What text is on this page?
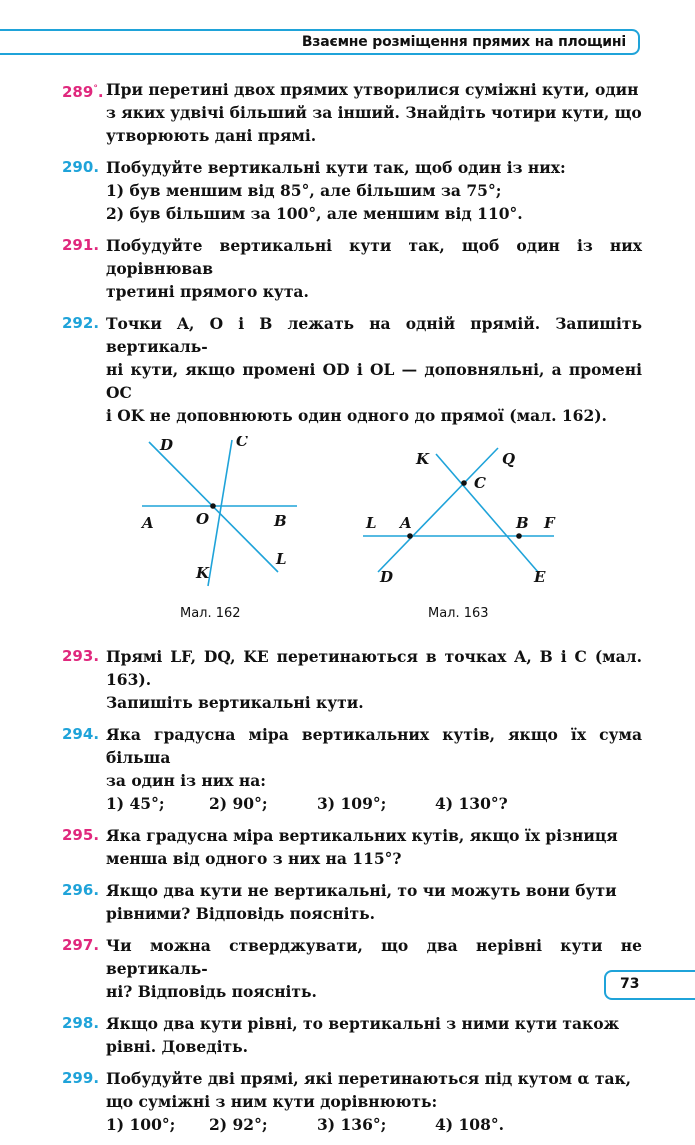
Взаємне розміщення прямих на площині
289°. При перетині двох прямих утворилися суміжні кути, один
з яких удвічі більший за інший. Знайдіть чотири кути, що
утворюють дані прямі.
290. Побудуйте вертикальні кути так, щоб один із них:
1) був меншим від 85°, але більшим за 75°;
2) був більшим за 100°, але меншим від 110°.
291. Побудуйте вертикальні кути так, щоб один із них дорівнював
третині прямого кута.
292. Точки A, O і B лежать на одній прямій. Запишіть вертикаль-
ні кути, якщо промені OD і OL — доповняльні, а промені OC
і OK не доповнюють один одного до прямої (мал. 162).
D	C
A	O	B
L
K
Мал. 162
K	Q
C
L A	B F
D	E
Мал. 163
293. Прямі LF, DQ, KE перетинаються в точках A, B і C (мал. 163).
Запишіть вертикальні кути.
294. Яка градусна міра вертикальних кутів, якщо їх сума більша
за один із них на:
1) 45°;	2) 90°;	3) 109°;	4) 130°?
295. Яка градусна міра вертикальних кутів, якщо їх різниця
менша від одного з них на 115°?
296. Якщо два кути не вертикальні, то чи можуть вони бути
рівними? Відповідь поясніть.
297. Чи можна стверджувати, що два нерівні кути не вертикаль-
ні? Відповідь поясніть.
298. Якщо два кути рівні, то вертикальні з ними кути також
рівні. Доведіть.
299. Побудуйте дві прямі, які перетинаються під кутом α так,
що суміжні з ним кути дорівнюють:
1) 100°;	2) 92°;	3) 136°;	4) 108°.
73
